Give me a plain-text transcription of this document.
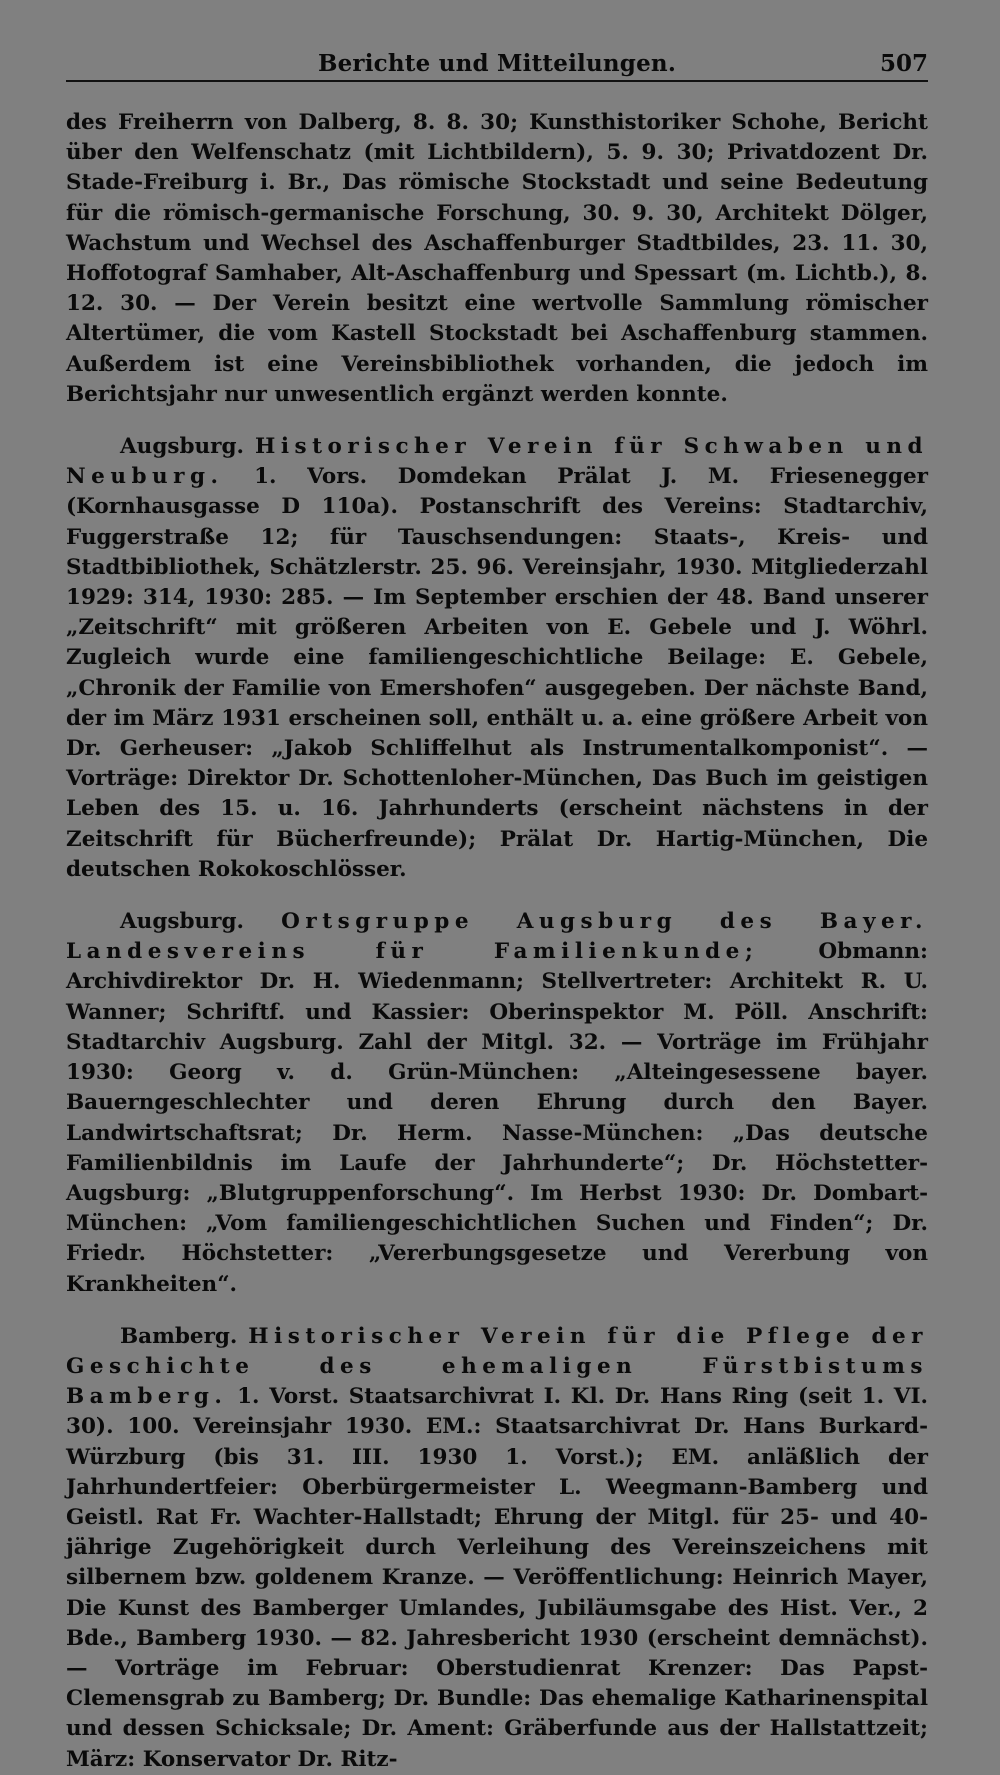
Berichte und Mitteilungen.	507

des Freiherrn von Dalberg, 8. 8. 30; Kunsthistoriker Schohe, Bericht über den Welfenschatz (mit Lichtbildern), 5. 9. 30; Privatdozent Dr. Stade-Freiburg i. Br., Das römische Stockstadt und seine Bedeutung für die römisch-germanische Forschung, 30. 9. 30, Architekt Dölger, Wachstum und Wechsel des Aschaffenburger Stadtbildes, 23. 11. 30, Hoffotograf Samhaber, Alt-Aschaffenburg und Spessart (m. Lichtb.), 8. 12. 30. — Der Verein besitzt eine wertvolle Sammlung römischer Altertümer, die vom Kastell Stockstadt bei Aschaffenburg stammen. Außerdem ist eine Vereinsbibliothek vorhanden, die jedoch im Berichtsjahr nur unwesentlich ergänzt werden konnte.

Augsburg. Historischer Verein für Schwaben und Neuburg. 1. Vors. Domdekan Prälat J. M. Friesenegger (Kornhausgasse D 110a). Postanschrift des Vereins: Stadtarchiv, Fuggerstraße 12; für Tauschsendungen: Staats-, Kreis- und Stadtbibliothek, Schätzlerstr. 25. 96. Vereinsjahr, 1930. Mitgliederzahl 1929: 314, 1930: 285. — Im September erschien der 48. Band unserer „Zeitschrift“ mit größeren Arbeiten von E. Gebele und J. Wöhrl. Zugleich wurde eine familiengeschichtliche Beilage: E. Gebele, „Chronik der Familie von Emershofen“ ausgegeben. Der nächste Band, der im März 1931 erscheinen soll, enthält u. a. eine größere Arbeit von Dr. Gerheuser: „Jakob Schliffelhut als Instrumentalkomponist“. — Vorträge: Direktor Dr. Schottenloher-München, Das Buch im geistigen Leben des 15. u. 16. Jahrhunderts (erscheint nächstens in der Zeitschrift für Bücherfreunde); Prälat Dr. Hartig-München, Die deutschen Rokokoschlösser.

Augsburg. Ortsgruppe Augsburg des Bayer. Landesvereins für Familienkunde;	Obmann: Archivdirektor Dr. H. Wiedenmann; Stellvertreter: Architekt R. U. Wanner; Schriftf. und Kassier: Oberinspektor M. Pöll. Anschrift: Stadtarchiv Augsburg. Zahl der Mitgl. 32. — Vorträge im Frühjahr 1930: Georg v. d. Grün-München: „Alteingesessene bayer. Bauerngeschlechter und deren Ehrung durch den Bayer. Landwirtschaftsrat; Dr. Herm. Nasse-München: „Das deutsche Familienbildnis im Laufe der Jahrhunderte“; Dr. Höchstetter-Augsburg: „Blutgruppenforschung“. Im Herbst 1930: Dr. Dombart-München: „Vom familiengeschichtlichen Suchen und Finden“; Dr. Friedr. Höchstetter: „Vererbungsgesetze und Vererbung von Krankheiten“.

Bamberg. Historischer Verein für die Pflege der Geschichte des ehemaligen Fürstbistums Bamberg. 1. Vorst. Staatsarchivrat I. Kl. Dr. Hans Ring (seit 1. VI. 30). 100. Vereinsjahr 1930. EM.: Staatsarchivrat Dr. Hans Burkard-Würzburg (bis 31. III. 1930 1. Vorst.); EM. anläßlich der Jahrhundertfeier: Oberbürgermeister L. Weegmann-Bamberg und Geistl. Rat Fr. Wachter-Hallstadt; Ehrung der Mitgl. für 25- und 40-jährige Zugehörigkeit durch Verleihung des Vereinszeichens mit silbernem bzw. goldenem Kranze. — Veröffentlichung: Heinrich Mayer, Die Kunst des Bamberger Umlandes, Jubiläumsgabe des Hist. Ver., 2 Bde., Bamberg 1930. — 82. Jahresbericht 1930 (erscheint demnächst). — Vorträge im Februar: Oberstudienrat Krenzer: Das Papst-Clemensgrab zu Bamberg; Dr. Bundle: Das ehemalige Katharinenspital und dessen Schicksale; Dr. Ament: Gräberfunde aus der Hallstattzeit; März: Konservator Dr. Ritz-
